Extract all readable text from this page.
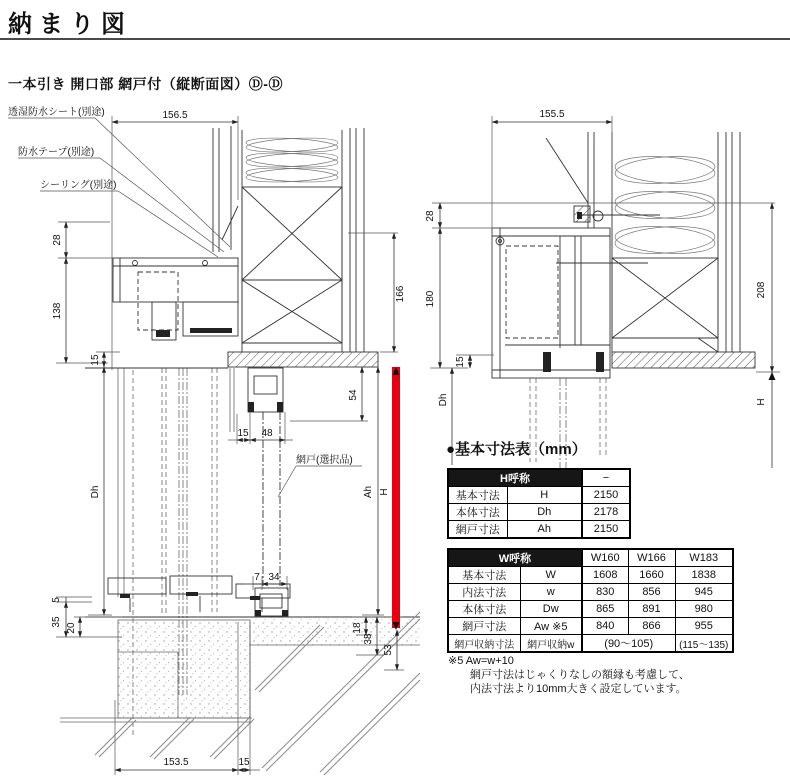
納まり図
一本引き 開口部 網戸付（縦断面図）Ⓓ-Ⓓ
156.5
28
138
15
Dh
5
35
20
166
54
15 48
Ah H
7 34
18
38
53
153.5	15
透湿防水シート(別途)
防水テープ(別途)
シーリング(別途)
網戸(選択品)
155.5
28
180
15
Dh
208
H
●基本寸法表（mm）
H呼称		−
基本寸法	H	2150
本体寸法	Dh	2178
網戸寸法	Ah	2150
W呼称		W160	W166	W183
基本寸法	W	1608	1660	1838
内法寸法	w	830	856	945
本体寸法	Dw	865	891	980
網戸寸法	Aw ※5	840	866	955
網戸収納寸法	網戸収納w	(90〜105)		(115〜135)
※5 Aw=w+10
網戸寸法はじゃくりなしの額縁も考慮して、
内法寸法より10mm大きく設定しています。
